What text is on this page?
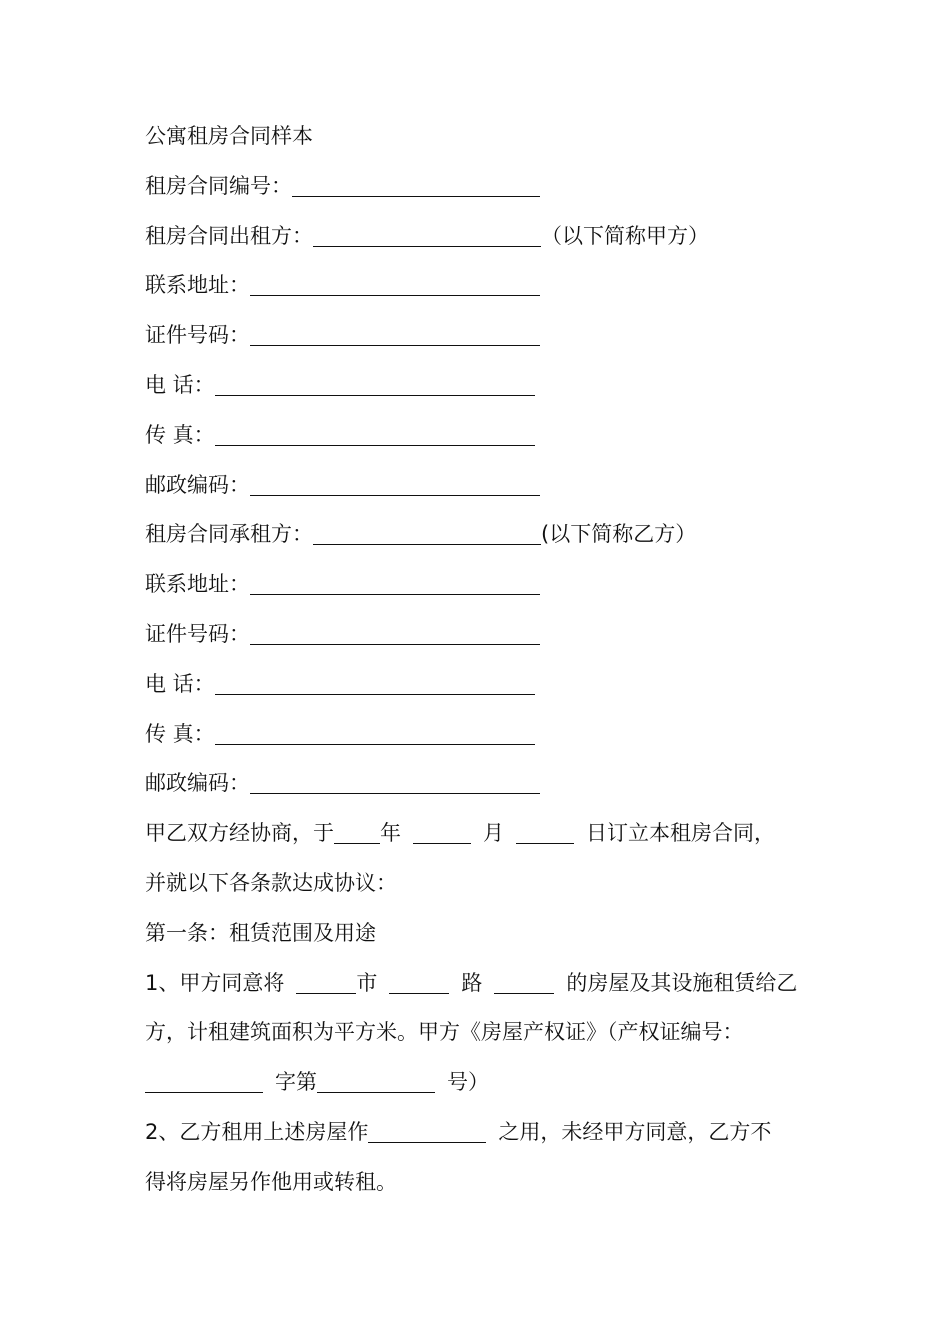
公寓租房合同样本
租房合同编号：
租房合同出租方：	（以下简称甲方）
联系地址：
证件号码：
电 话：
传 真：
邮政编码：
租房合同承租方：	(以下简称乙方）
联系地址：
证件号码：
电 话：
传 真：
邮政编码：
甲乙双方经协商，于 年	月	日订立本租房合同，
并就以下各条款达成协议：
第一条：租赁范围及用途
1、甲方同意将	市	路	的房屋及其设施租赁给乙
方，计租建筑面积为平方米。甲方《房屋产权证》（产权证编号：
字第	号）
2、乙方租用上述房屋作	之用，未经甲方同意，乙方不
得将房屋另作他用或转租。
